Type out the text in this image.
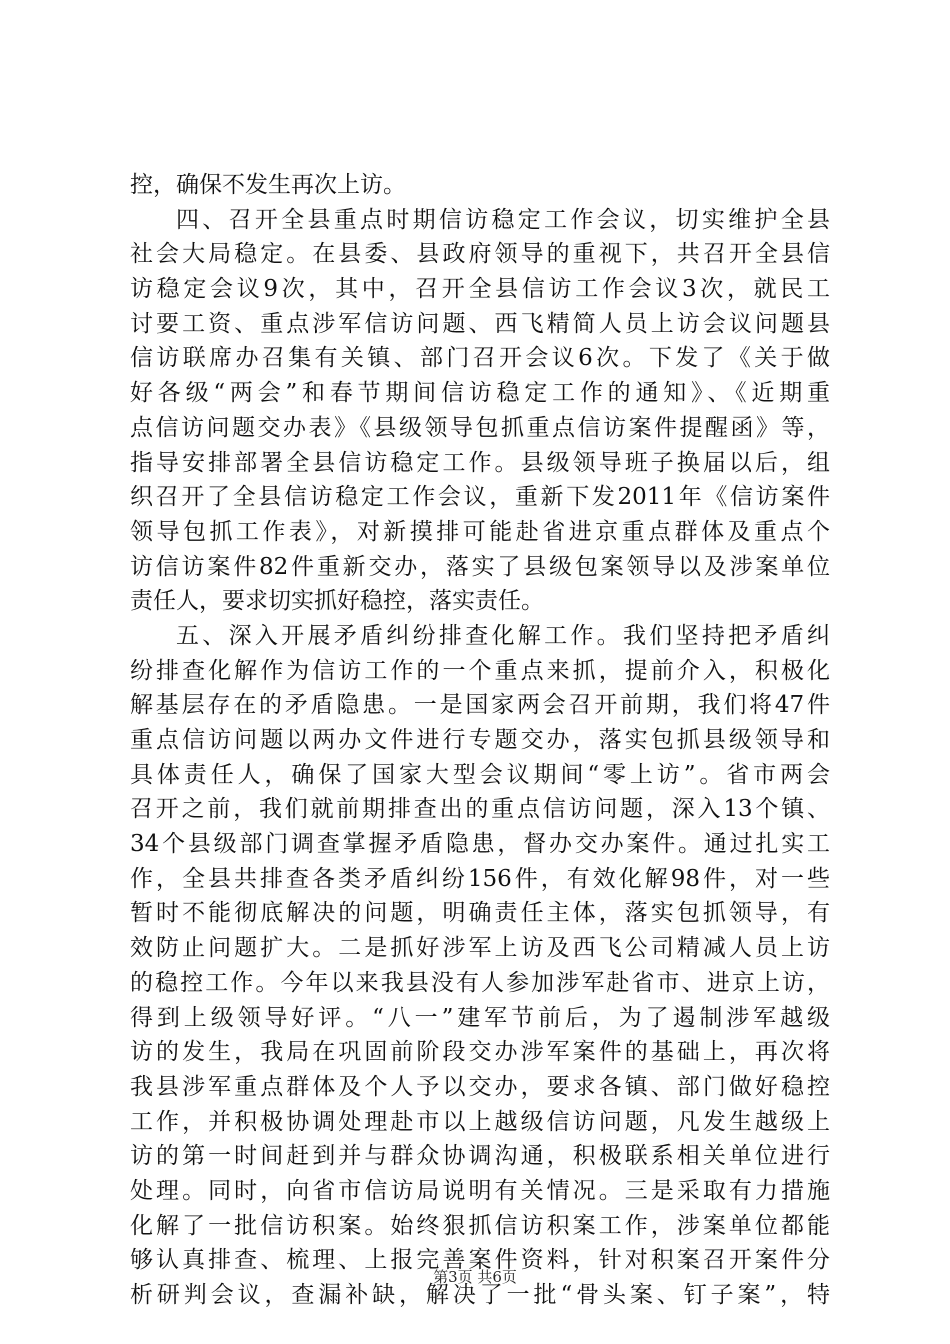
控，确保不发生再次上访。
四、召开全县重点时期信访稳定工作会议，切实维护全县
社会大局稳定。在县委、县政府领导的重视下，共召开全县信
访稳定会议9次，其中，召开全县信访工作会议3次，就民工
讨要工资、重点涉军信访问题、西飞精简人员上访会议问题县
信访联席办召集有关镇、部门召开会议6次。下发了《关于做
好各级“两会”和春节期间信访稳定工作的通知》、《近期重
点信访问题交办表》《县级领导包抓重点信访案件提醒函》等，
指导安排部署全县信访稳定工作。县级领导班子换届以后，组
织召开了全县信访稳定工作会议，重新下发2011年《信访案件
领导包抓工作表》，对新摸排可能赴省进京重点群体及重点个
访信访案件82件重新交办，落实了县级包案领导以及涉案单位
责任人，要求切实抓好稳控，落实责任。
五、深入开展矛盾纠纷排查化解工作。我们坚持把矛盾纠
纷排查化解作为信访工作的一个重点来抓，提前介入，积极化
解基层存在的矛盾隐患。一是国家两会召开前期，我们将47件
重点信访问题以两办文件进行专题交办，落实包抓县级领导和
具体责任人，确保了国家大型会议期间“零上访”。省市两会
召开之前，我们就前期排查出的重点信访问题，深入13个镇、
34个县级部门调查掌握矛盾隐患，督办交办案件。通过扎实工
作，全县共排查各类矛盾纠纷156件，有效化解98件，对一些
暂时不能彻底解决的问题，明确责任主体，落实包抓领导，有
效防止问题扩大。二是抓好涉军上访及西飞公司精减人员上访
的稳控工作。今年以来我县没有人参加涉军赴省市、进京上访，
得到上级领导好评。“八一”建军节前后，为了遏制涉军越级
访的发生，我局在巩固前阶段交办涉军案件的基础上，再次将
我县涉军重点群体及个人予以交办，要求各镇、部门做好稳控
工作，并积极协调处理赴市以上越级信访问题，凡发生越级上
访的第一时间赶到并与群众协调沟通，积极联系相关单位进行
处理。同时，向省市信访局说明有关情况。三是采取有力措施
化解了一批信访积案。始终狠抓信访积案工作，涉案单位都能
够认真排查、梳理、上报完善案件资料，针对积案召开案件分
析研判会议，查漏补缺，解决了一批“骨头案、钉子案”，特
第3页 共6页
